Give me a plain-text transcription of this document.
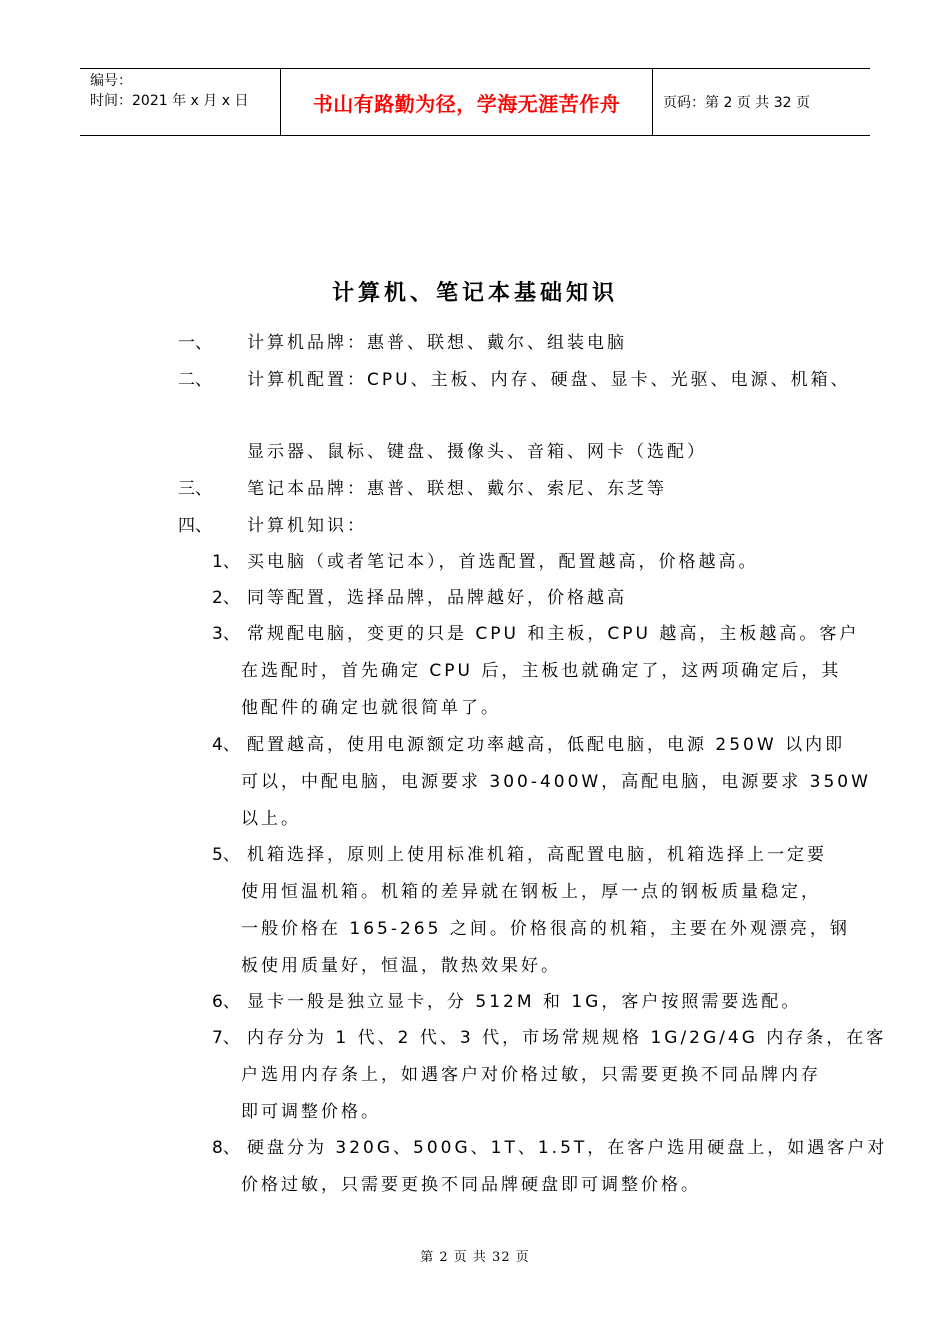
编号：
时间：2021 年 x 月 x 日	书山有路勤为径，学海无涯苦作舟	页码：第 2 页 共 32 页
计算机、笔记本基础知识
一、 计算机品牌：惠普、联想、戴尔、组装电脑
二、 计算机配置：CPU、主板、内存、硬盘、显卡、光驱、电源、机箱、
显示器、鼠标、键盘、摄像头、音箱、网卡（选配）
三、 笔记本品牌：惠普、联想、戴尔、索尼、东芝等
四、 计算机知识：
1、 买电脑（或者笔记本），首选配置，配置越高，价格越高。
2、 同等配置，选择品牌，品牌越好，价格越高
3、 常规配电脑，变更的只是 CPU 和主板，CPU 越高，主板越高。客户
在选配时，首先确定 CPU 后，主板也就确定了，这两项确定后，其
他配件的确定也就很简单了。
4、 配置越高，使用电源额定功率越高，低配电脑，电源 250W 以内即
可以，中配电脑，电源要求 300-400W，高配电脑，电源要求 350W
以上。
5、 机箱选择，原则上使用标准机箱，高配置电脑，机箱选择上一定要
使用恒温机箱。机箱的差异就在钢板上，厚一点的钢板质量稳定，
一般价格在 165-265 之间。价格很高的机箱，主要在外观漂亮，钢
板使用质量好，恒温，散热效果好。
6、 显卡一般是独立显卡，分 512M 和 1G，客户按照需要选配。
7、 内存分为 1 代、2 代、3 代，市场常规规格 1G/2G/4G 内存条，在客
户选用内存条上，如遇客户对价格过敏，只需要更换不同品牌内存
即可调整价格。
8、 硬盘分为 320G、500G、1T、1.5T，在客户选用硬盘上，如遇客户对
价格过敏，只需要更换不同品牌硬盘即可调整价格。
第 2 页 共 32 页
